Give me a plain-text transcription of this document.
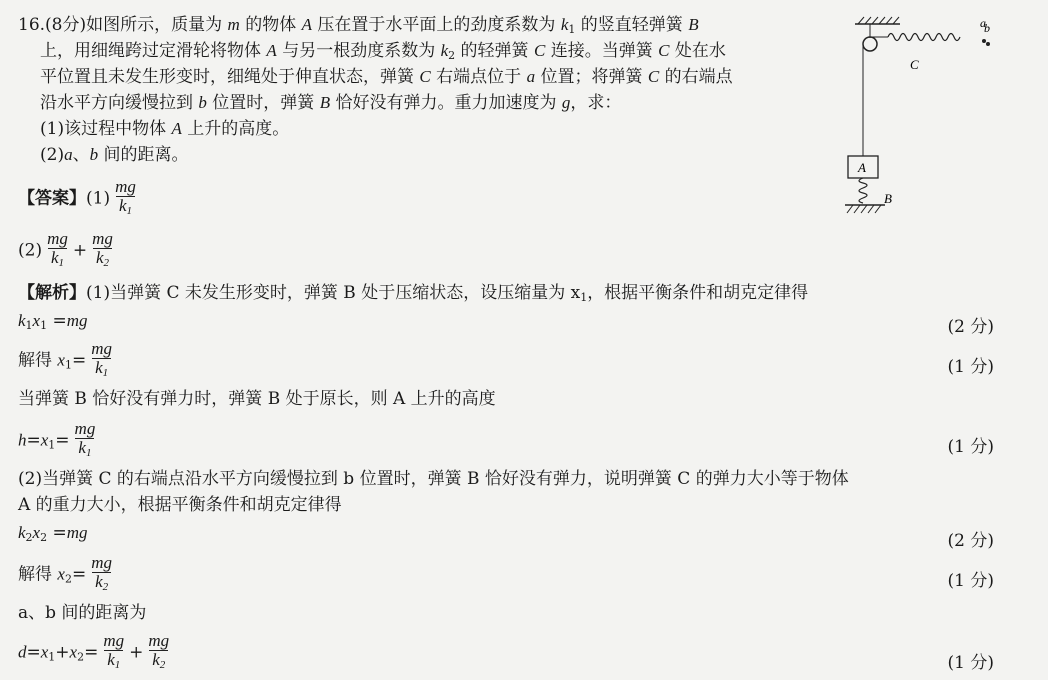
16.(8分)如图所示，质量为 m 的物体 A 压在置于水平面上的劲度系数为 $k_1$ 的竖直轻弹簧 B
上，用细绳跨过定滑轮将物体 A 与另一根劲度系数为 $k_2$ 的轻弹簧 C 连接。当弹簧 C 处在水
平位置且未发生形变时，细绳处于伸直状态，弹簧 C 右端点位于 a 位置；将弹簧 C 的右端点
沿水平方向缓慢拉到 b 位置时，弹簧 B 恰好没有弹力。重力加速度为 g，求：
(1)该过程中物体 A 上升的高度。
(2)a、b 间的距离。
a
C
A
B
b
【答案】$(1) \frac{mg}{k_1}$
$(2) \frac{mg}{k_1} + \frac{mg}{k_2}$
【解析】(1)当弹簧 C 未发生形变时，弹簧 B 处于压缩状态，设压缩量为 $x_1$，根据平衡条件和胡克定律得
$k_1x_1 =mg$	(2 分)
解得 $x_1= \frac{mg}{k_1}$	(1 分)
当弹簧 B 恰好没有弹力时，弹簧 B 处于原长，则 A 上升的高度
$h=x_1= \frac{mg}{k_1}$	(1 分)
(2)当弹簧 C 的右端点沿水平方向缓慢拉到 b 位置时，弹簧 B 恰好没有弹力，说明弹簧 C 的弹力大小等于物体
A 的重力大小，根据平衡条件和胡克定律得
$k_2x_2 =mg$	(2 分)
解得 $x_2= \frac{mg}{k_2}$	(1 分)
a、b 间的距离为
$d=x_1+x_2= \frac{mg}{k_1} + \frac{mg}{k_2}$	(1 分)
